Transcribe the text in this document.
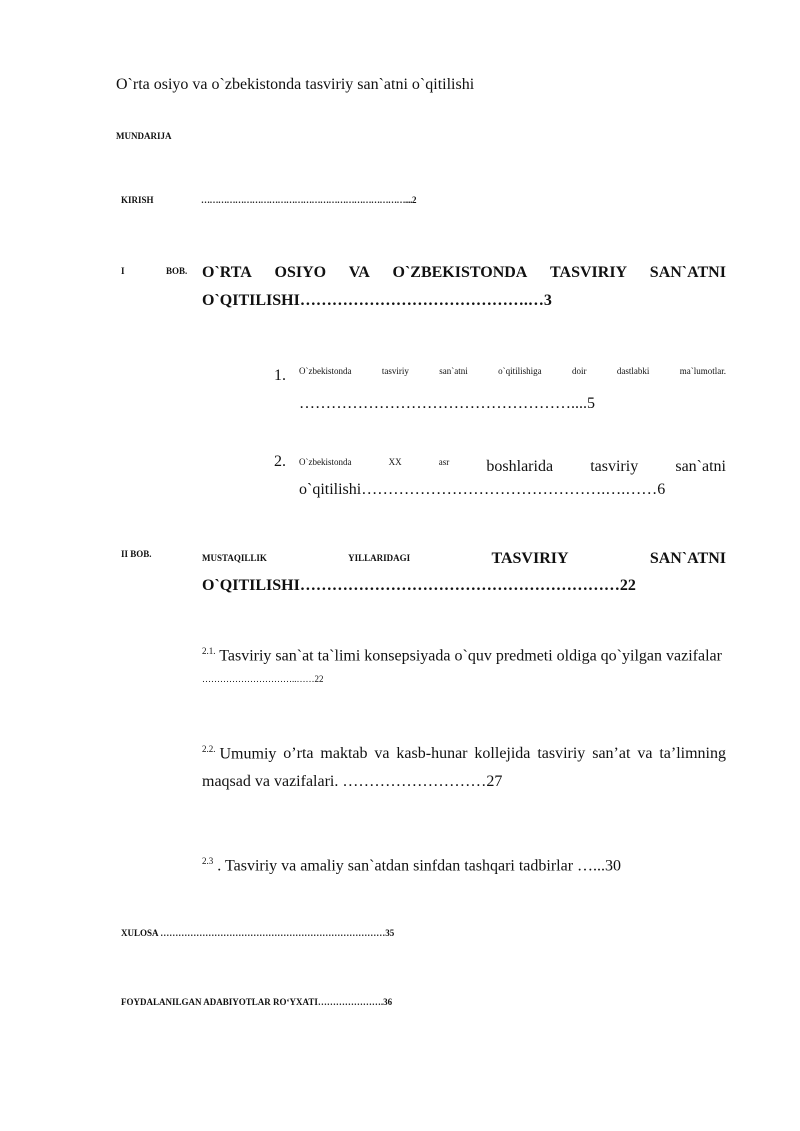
O`rta osiyo va o`zbekistonda tasviriy san`atni o`qitilishi
MUNDARIJA
KIRISH	………………………………………………………………....2
I	BOB. O`RTA OSIYO VA O`ZBEKISTONDA TASVIRIY SAN`ATNI
O`QITILISHI…………………………………….…3
1. O`zbekistonda	tasviriy	san`atni	o`qitilishiga	doir	dastlabki	ma`lumotlar.
……………………………………………....5
2. O`zbekistonda	XX	asr boshlarida tasviriy san`atni
o`qitilishi……………………………………….….……6
II BOB.	MUSTAQILLIK	YILLARIDAGI	TASVIRIY	SAN`ATNI
O`QITILISHI……………………………………………………22
$^{2.1.}$ Tasviriy san`at ta`limi konsepsiyada o`quv predmeti oldiga qo`yilgan vazifalar
…………………………..……22
$^{2.2.}$ Umumiy o’rta maktab va kasb-hunar kollejida tasviriy san’at va ta’limning
maqsad va vazifalari. ………………………27
$^{2.3}$ . Tasviriy va amaliy san`atdan sinfdan tashqari tadbirlar …...30
XULOSA …………………………………………………………………35
FOYDALANILGAN ADABIYOTLAR RO‘YXATI………………….36
